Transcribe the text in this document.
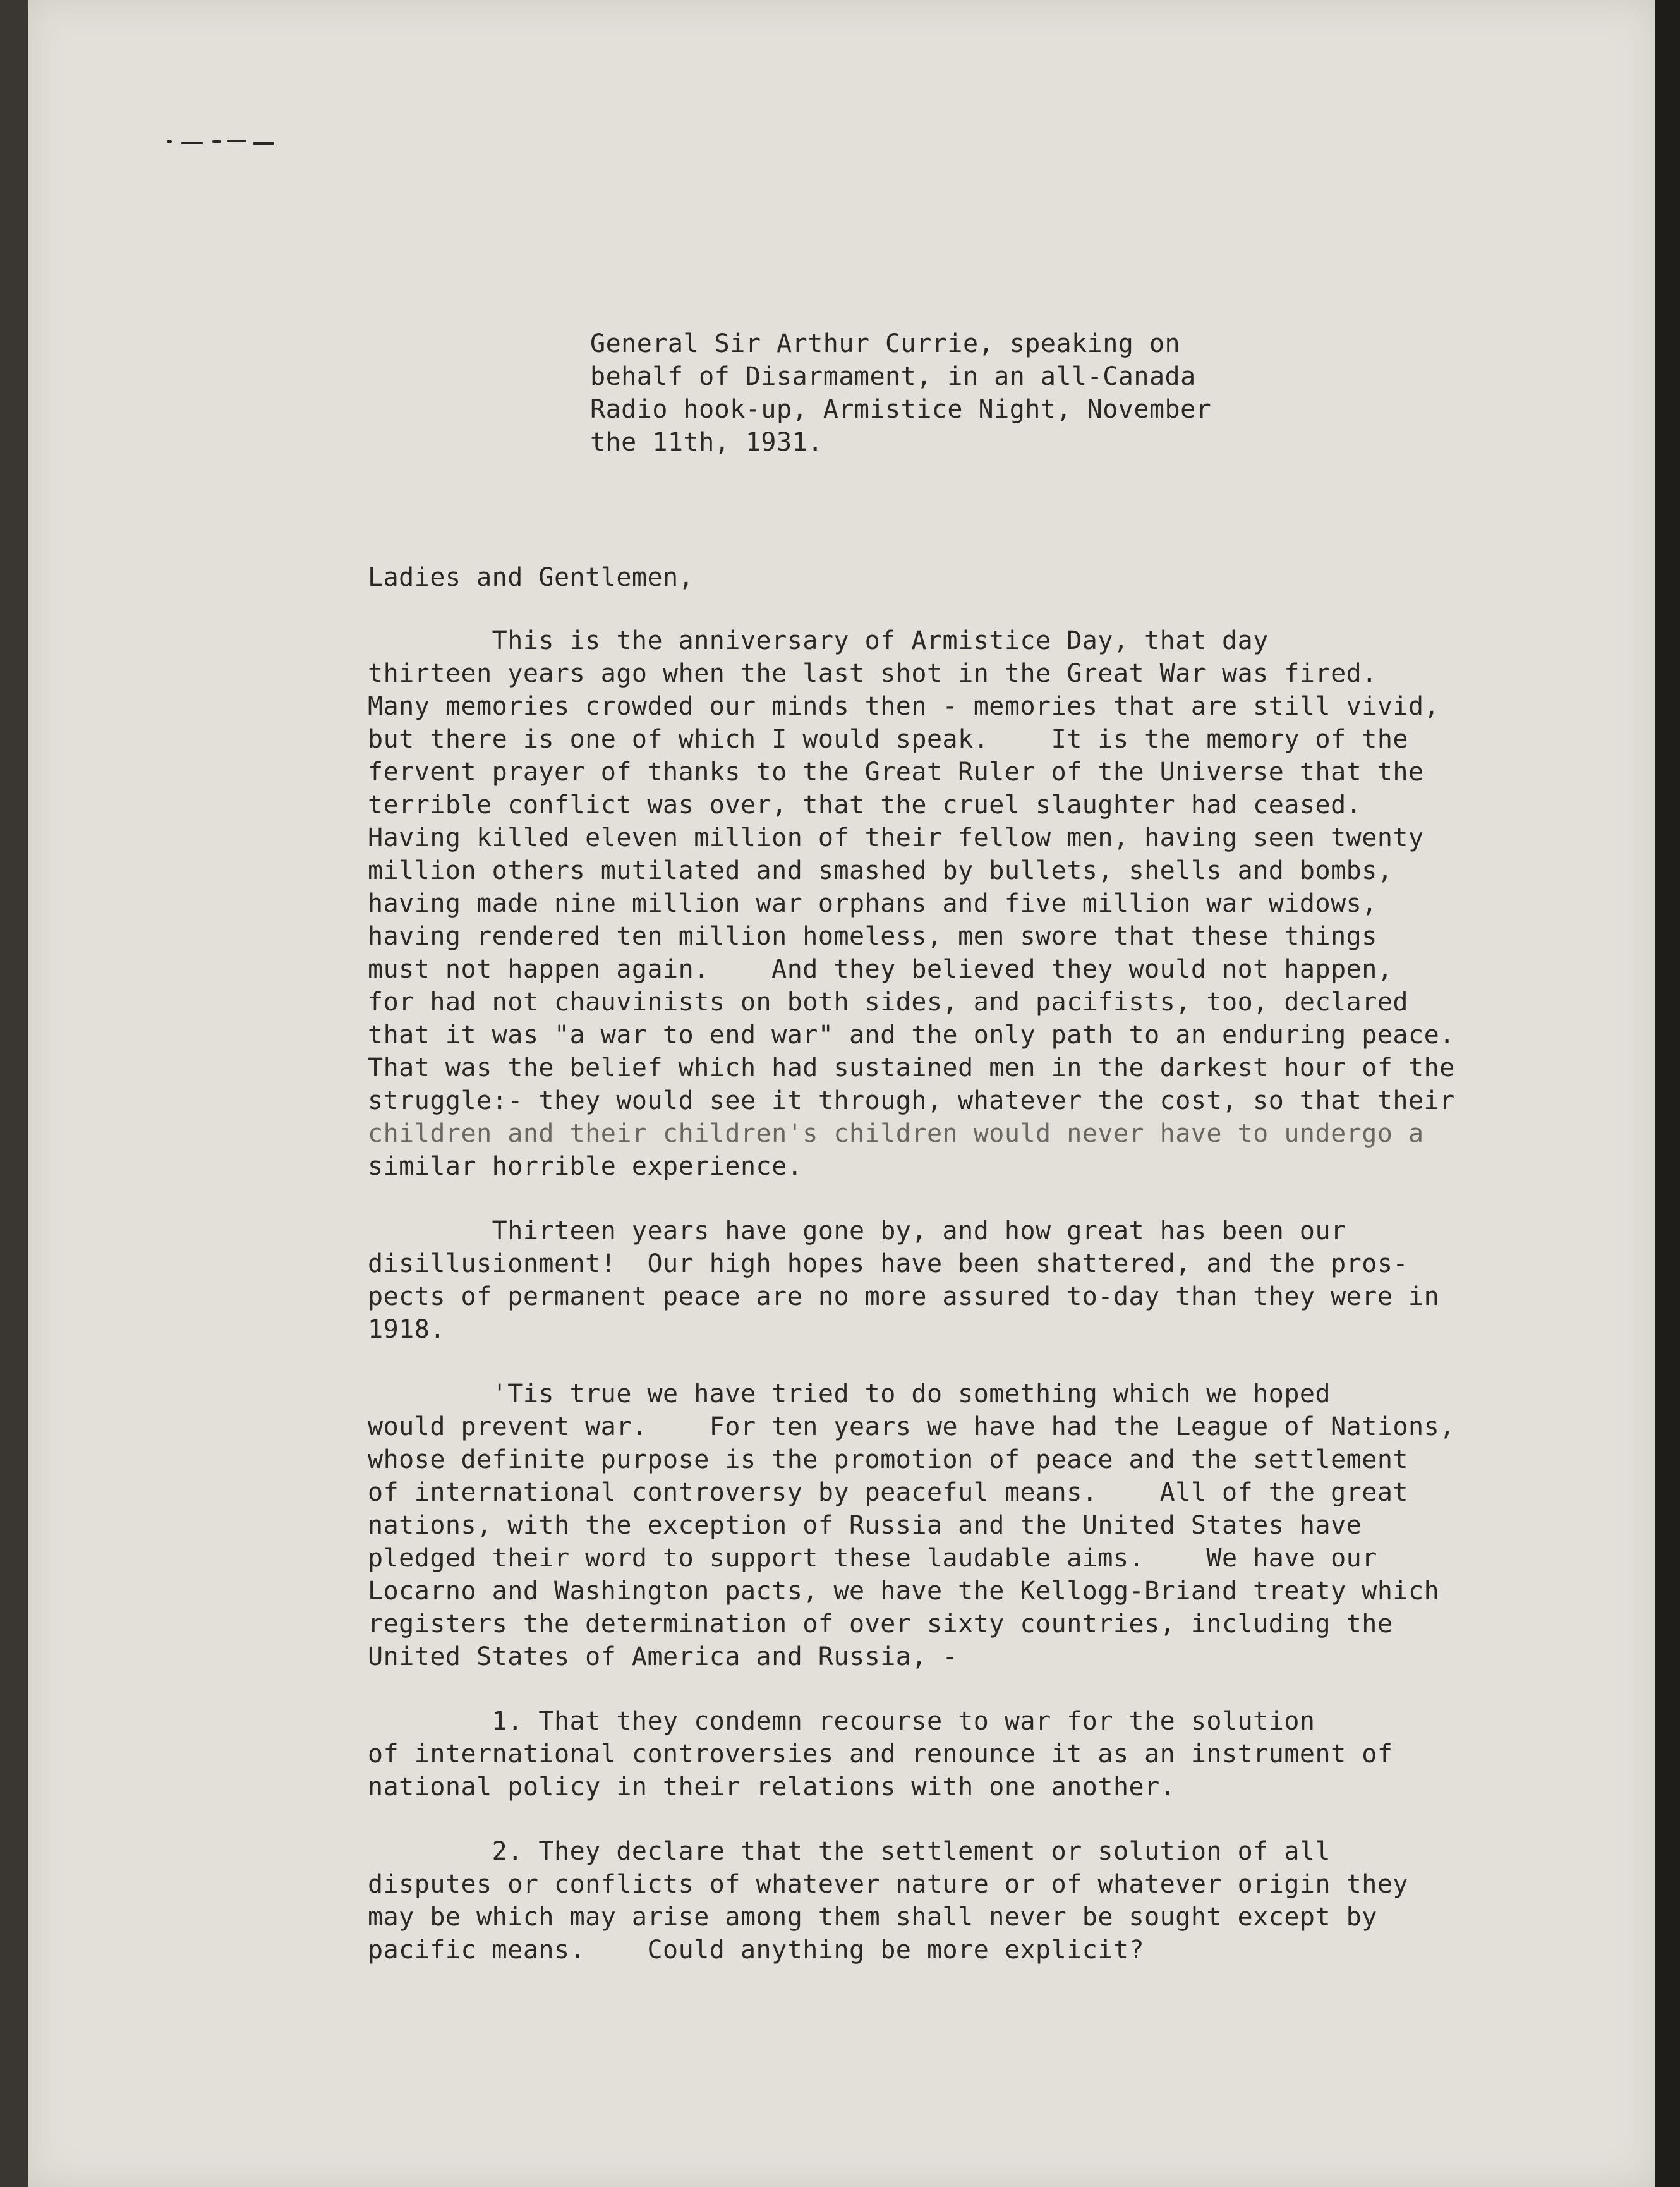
General Sir Arthur Currie, speaking on
behalf of Disarmament, in an all-Canada
Radio hook-up, Armistice Night, November
the 11th, 1931.
Ladies and Gentlemen,
This is the anniversary of Armistice Day, that day
thirteen years ago when the last shot in the Great War was fired.
Many memories crowded our minds then - memories that are still vivid,
but there is one of which I would speak.    It is the memory of the
fervent prayer of thanks to the Great Ruler of the Universe that the
terrible conflict was over, that the cruel slaughter had ceased.
Having killed eleven million of their fellow men, having seen twenty
million others mutilated and smashed by bullets, shells and bombs,
having made nine million war orphans and five million war widows,
having rendered ten million homeless, men swore that these things
must not happen again.    And they believed they would not happen,
for had not chauvinists on both sides, and pacifists, too, declared
that it was "a war to end war" and the only path to an enduring peace.
That was the belief which had sustained men in the darkest hour of the
struggle:- they would see it through, whatever the cost, so that their
children and their children's children would never have to undergo a
similar horrible experience.
Thirteen years have gone by, and how great has been our
disillusionment!  Our high hopes have been shattered, and the pros-
pects of permanent peace are no more assured to-day than they were in
1918.
'Tis true we have tried to do something which we hoped
would prevent war.    For ten years we have had the League of Nations,
whose definite purpose is the promotion of peace and the settlement
of international controversy by peaceful means.    All of the great
nations, with the exception of Russia and the United States have
pledged their word to support these laudable aims.    We have our
Locarno and Washington pacts, we have the Kellogg-Briand treaty which
registers the determination of over sixty countries, including the
United States of America and Russia, -
1. That they condemn recourse to war for the solution
of international controversies and renounce it as an instrument of
national policy in their relations with one another.
2. They declare that the settlement or solution of all
disputes or conflicts of whatever nature or of whatever origin they
may be which may arise among them shall never be sought except by
pacific means.    Could anything be more explicit?
